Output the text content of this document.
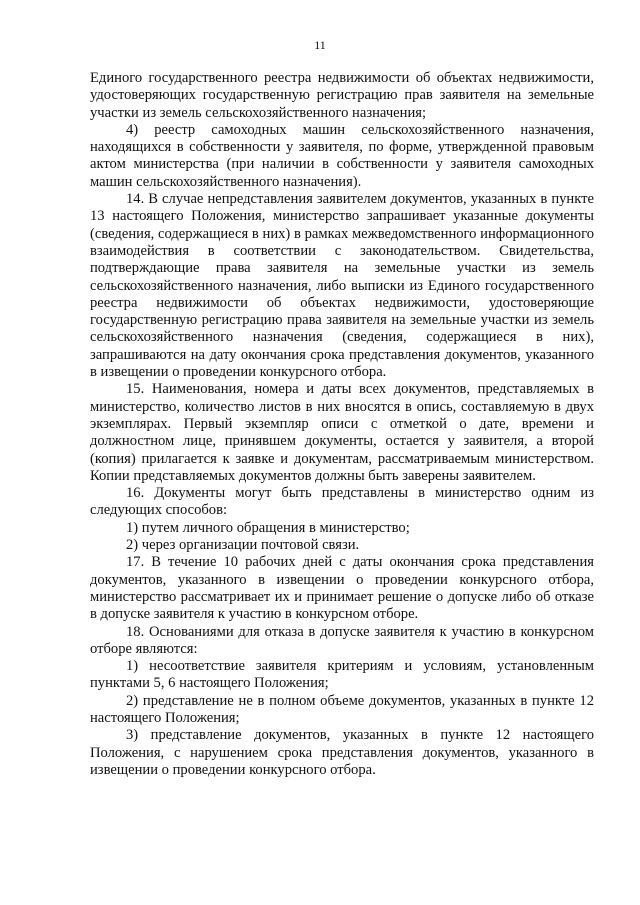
11

Единого государственного реестра недвижимости об объектах недвижимости, удостоверяющих государственную регистрацию прав заявителя на земельные участки из земель сельскохозяйственного назначения;

4) реестр самоходных машин сельскохозяйственного назначения, находящихся в собственности у заявителя, по форме, утвержденной правовым актом министерства (при наличии в собственности у заявителя самоходных машин сельскохозяйственного назначения).

14. В случае непредставления заявителем документов, указанных в пункте 13 настоящего Положения, министерство запрашивает указанные документы (сведения, содержащиеся в них) в рамках межведомственного информационного взаимодействия в соответствии с законодательством. Свидетельства, подтверждающие права заявителя на земельные участки из земель сельскохозяйственного назначения, либо выписки из Единого государственного реестра недвижимости об объектах недвижимости, удостоверяющие государственную регистрацию права заявителя на земельные участки из земель сельскохозяйственного назначения (сведения, содержащиеся в них), запрашиваются на дату окончания срока представления документов, указанного в извещении о проведении конкурсного отбора.

15. Наименования, номера и даты всех документов, представляемых в министерство, количество листов в них вносятся в опись, составляемую в двух экземплярах. Первый экземпляр описи с отметкой о дате, времени и должностном лице, принявшем документы, остается у заявителя, а второй (копия) прилагается к заявке и документам, рассматриваемым министерством. Копии представляемых документов должны быть заверены заявителем.

16. Документы могут быть представлены в министерство одним из следующих способов:

1) путем личного обращения в министерство;

2) через организации почтовой связи.

17. В течение 10 рабочих дней с даты окончания срока представления документов, указанного в извещении о проведении конкурсного отбора, министерство рассматривает их и принимает решение о допуске либо об отказе в допуске заявителя к участию в конкурсном отборе.

18. Основаниями для отказа в допуске заявителя к участию в конкурсном отборе являются:

1) несоответствие заявителя критериям и условиям, установленным пунктами 5, 6 настоящего Положения;

2) представление не в полном объеме документов, указанных в пункте 12 настоящего Положения;

3) представление документов, указанных в пункте 12 настоящего Положения, с нарушением срока представления документов, указанного в извещении о проведении конкурсного отбора.
